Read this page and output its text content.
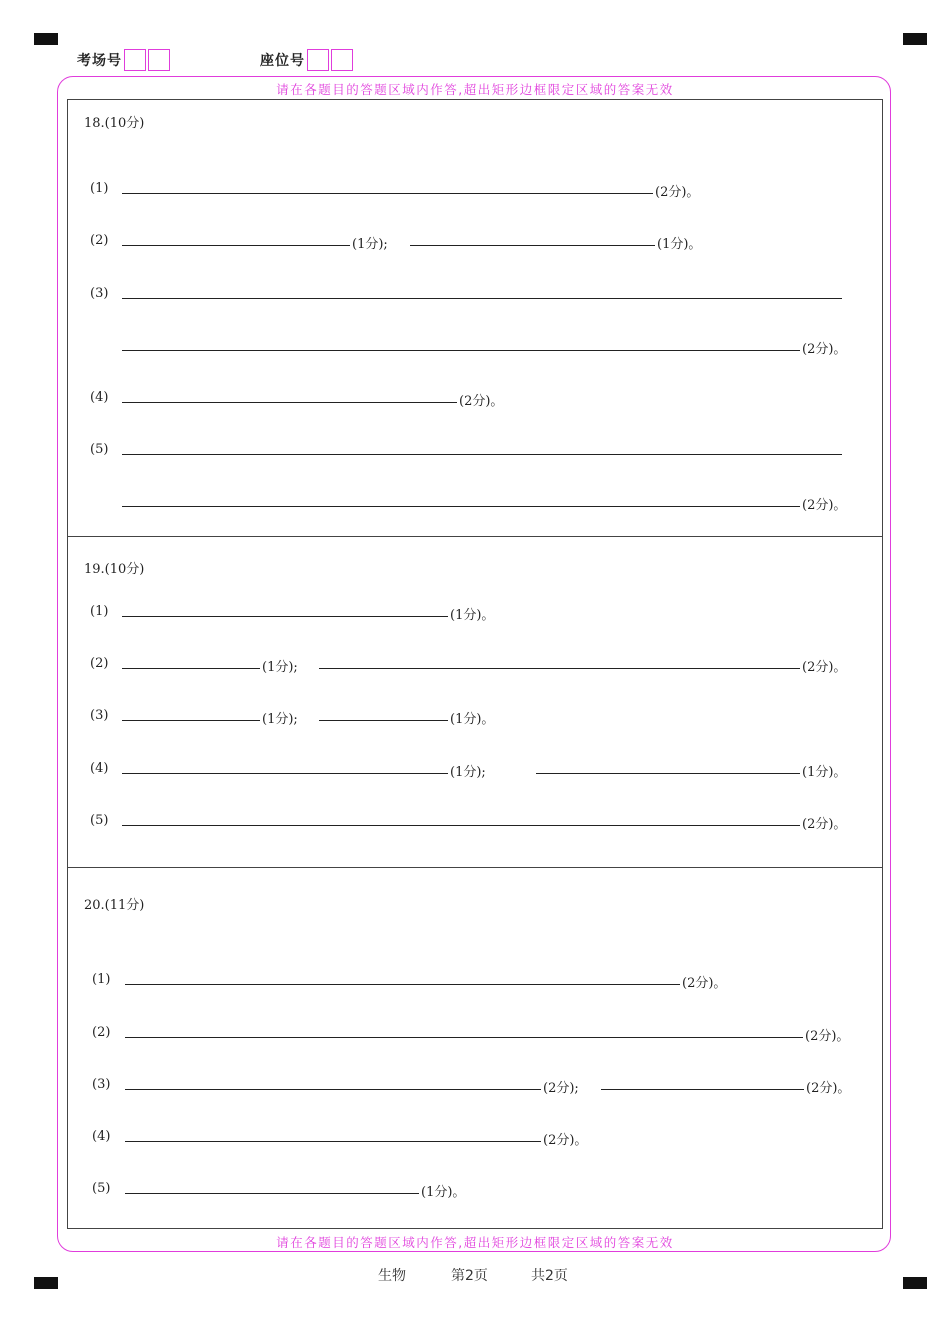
考场号	座位号
请在各题目的答题区域内作答,超出矩形边框限定区域的答案无效
请在各题目的答题区域内作答,超出矩形边框限定区域的答案无效
18.(10分)
(1)	(2分)。
(2)	(1分);	(1分)。
(3)
(2分)。
(4)	(2分)。
(5)
(2分)。
19.(10分)
(1)	(1分)。
(2)	(1分);	(2分)。
(3)	(1分);	(1分)。
(4)	(1分);	(1分)。
(5)	(2分)。
20.(11分)
(1)	(2分)。
(2)	(2分)。
(3)	(2分);	(2分)。
(4)	(2分)。
(5)	(1分)。
生物	第2页	共2页
